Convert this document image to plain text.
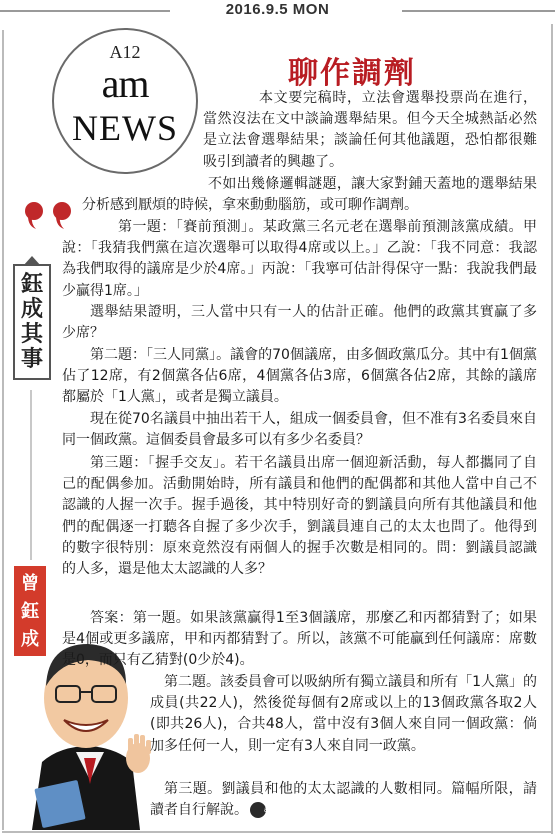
2016.9.5 MON
A12
am
NEWS
聊作調劑
鈺成其事
曾鈺成

本文要完稿時，立法會選舉投票尚在進行，當然沒法在文中談論選舉結果。但今天全城熱話必然是立法會選舉結果；談論任何其他議題，恐怕都很難吸引到讀者的興趣了。

不如出幾條邏輯謎題，讓大家對鋪天蓋地的選舉結果分析感到厭煩的時候，拿來動動腦筋，或可聊作調劑。

第一題：「賽前預測」。某政黨三名元老在選舉前預測該黨成績。甲說：「我猜我們黨在這次選舉可以取得4席或以上。」乙說：「我不同意：我認為我們取得的議席是少於4席。」丙說：「我寧可估計得保守一點：我說我們最少贏得1席。」

選舉結果證明，三人當中只有一人的估計正確。他們的政黨其實贏了多少席？

第二題：「三人同黨」。議會的70個議席，由多個政黨瓜分。其中有1個黨佔了12席，有2個黨各佔6席，4個黨各佔3席，6個黨各佔2席，其餘的議席都屬於「1人黨」，或者是獨立議員。

現在從70名議員中抽出若干人，組成一個委員會，但不准有3名委員來自同一個政黨。這個委員會最多可以有多少名委員？

第三題：「握手交友」。若干名議員出席一個迎新活動，每人都攜同了自己的配偶參加。活動開始時，所有議員和他們的配偶都和其他人當中自己不認識的人握一次手。握手過後，其中特別好奇的劉議員向所有其他議員和他們的配偶逐一打聽各自握了多少次手，劉議員連自己的太太也問了。他得到的數字很特別：原來竟然沒有兩個人的握手次數是相同的。問：劉議員認識的人多，還是他太太認識的人多？

答案：第一題。如果該黨贏得1至3個議席，那麼乙和丙都猜對了；如果是4個或更多議席，甲和丙都猜對了。所以，該黨不可能贏到任何議席：席數是0，而只有乙猜對(0少於4)。

第二題。該委員會可以吸納所有獨立議員和所有「1人黨」的成員(共22人)，然後從每個有2席或以上的13個政黨各取2人(即共26人)，合共48人，當中沒有3個人來自同一個政黨：倘加多任何一人，則一定有3人來自同一政黨。

第三題。劉議員和他的太太認識的人數相同。篇幅所限，請讀者自行解說。 am
